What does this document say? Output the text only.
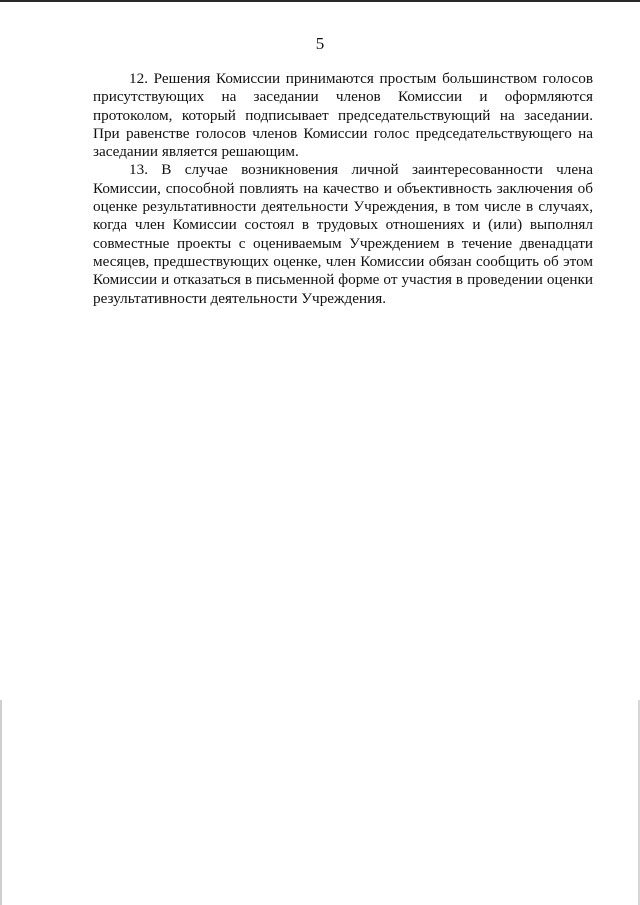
5

12. Решения Комиссии принимаются простым большинством голосов присутствующих на заседании членов Комиссии и оформляются протоколом, который подписывает председательствующий на заседании. При равенстве голосов членов Комиссии голос председательствующего на заседании является решающим.

13. В случае возникновения личной заинтересованности члена Комиссии, способной повлиять на качество и объективность заключения об оценке результативности деятельности Учреждения, в том числе в случаях, когда член Комиссии состоял в трудовых отношениях и (или) выполнял совместные проекты с оцениваемым Учреждением в течение двенадцати месяцев, предшествующих оценке, член Комиссии обязан сообщить об этом Комиссии и отказаться в письменной форме от участия в проведении оценки результативности деятельности Учреждения.
